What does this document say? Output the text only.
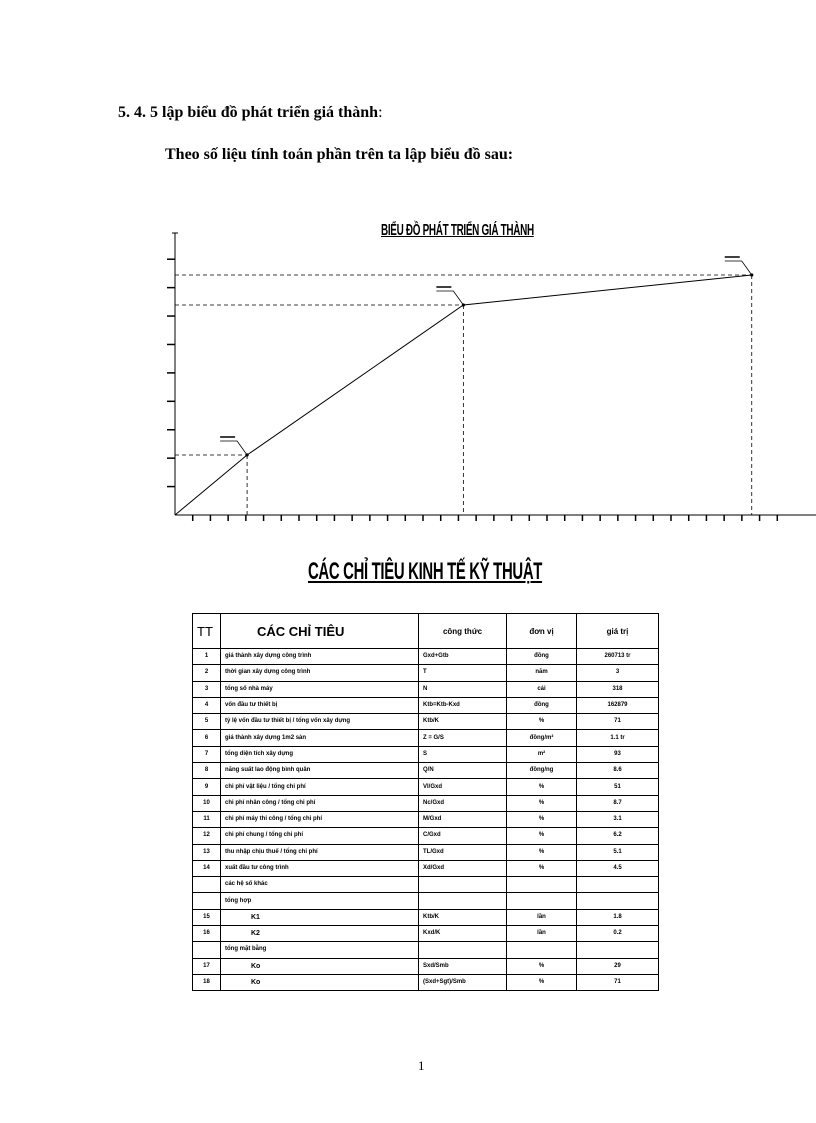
5. 4. 5 lập biểu đồ phát triển giá thành:
Theo số liệu tính toán phần trên ta lập biểu đồ sau:
BIỂU ĐỒ PHÁT TRIỂN GIÁ THÀNH
CÁC CHỈ TIÊU KINH TẾ KỸ THUẬT
TT	CÁC CHỈ TIÊU	công thức	đơn vị	giá trị
1	giá thành xây dựng công trình	Gxd+Gtb	đồng	260713 tr
2	thời gian xây dựng công trình	T	năm	3
3	tổng số nhà máy	N	cái	318
4	vốn đầu tư thiết bị	Ktb=Ktb-Kxd	đồng	162879
5	tỷ lệ vốn đầu tư thiết bị / tổng vốn xây dựng	Ktb/K	%	71
6	giá thành xây dựng 1m2 sàn	Z = G/S	đồng/m²	1.1 tr
7	tổng diện tích xây dựng	S	m²	93
8	năng suất lao động bình quân	Q/N	đồng/ng	8.6
9	chi phí vật liệu / tổng chi phí	Vl/Gxd	%	51
10	chi phí nhân công / tổng chi phí	Nc/Gxd	%	8.7
11	chi phí máy thi công / tổng chi phí	M/Gxd	%	3.1
12	chi phí chung / tổng chi phí	C/Gxd	%	6.2
13	thu nhập chịu thuế / tổng chi phí	TL/Gxd	%	5.1
14	xuất đầu tư công trình	Xd/Gxd	%	4.5
	các hệ số khác			
	tổng hợp			
15	K1	Ktb/K	lần	1.8
16	K2	Kxd/K	lần	0.2
	tổng mặt bằng			
17	Ko	Sxd/Smb	%	29
18	Ko	(Sxd+Sgt)/Smb	%	71
1
